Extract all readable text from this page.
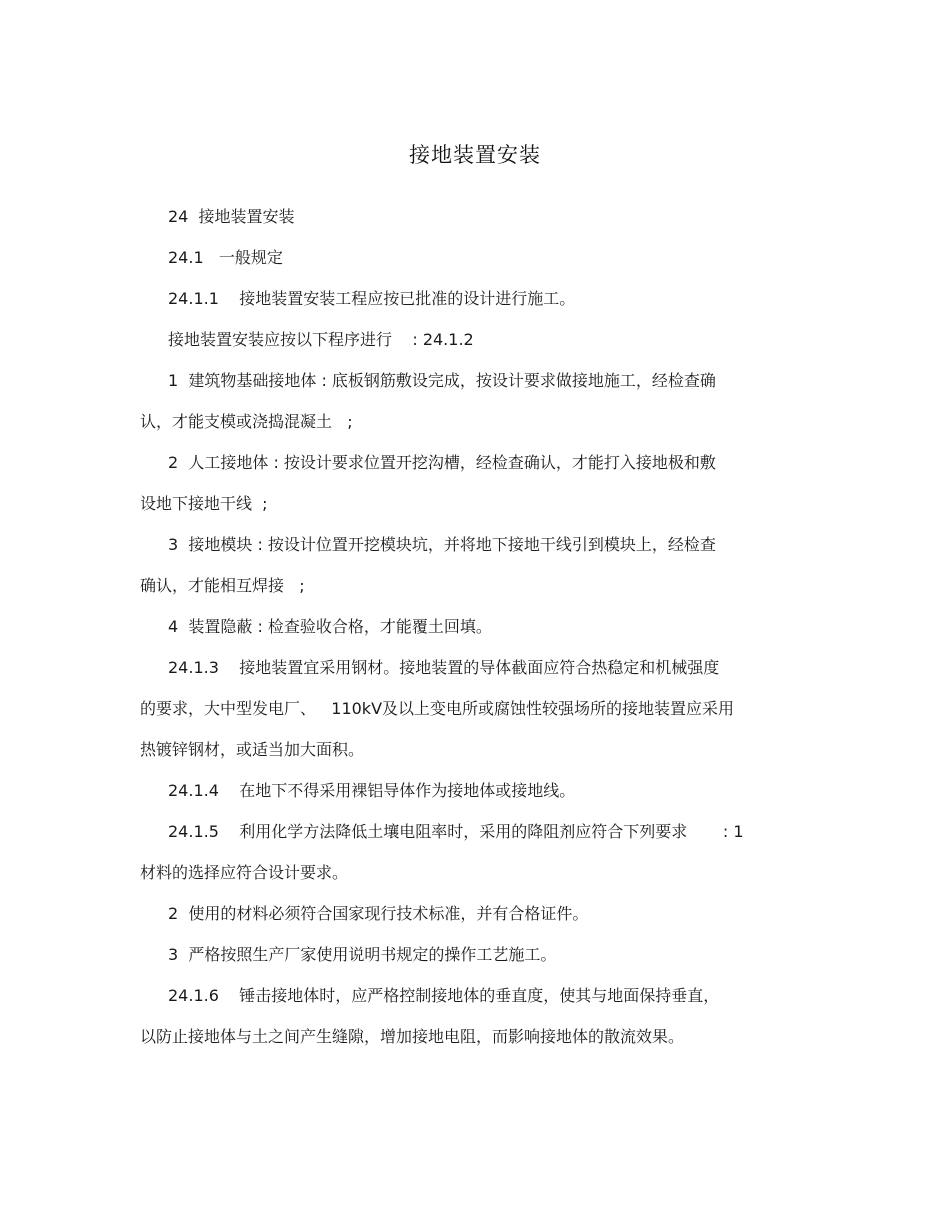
接地装置安装
24  接地装置安装
24.1   一般规定
24.1.1    接地装置安装工程应按已批准的设计进行施工。
接地装置安装应按以下程序进行    : 24.1.2
1  建筑物基础接地体 : 底板钢筋敷设完成，按设计要求做接地施工，经检查确
认，才能支模或浇捣混凝土   ;
2  人工接地体 : 按设计要求位置开挖沟槽，经检查确认，才能打入接地极和敷
设地下接地干线  ;
3  接地模块 : 按设计位置开挖模块坑，并将地下接地干线引到模块上，经检查
确认，才能相互焊接   ;
4  装置隐蔽 : 检查验收合格，才能覆土回填。
24.1.3    接地装置宜采用钢材。接地装置的导体截面应符合热稳定和机械强度
的要求，大中型发电厂、   110kV及以上变电所或腐蚀性较强场所的接地装置应采用
热镀锌钢材，或适当加大面积。
24.1.4    在地下不得采用裸铝导体作为接地体或接地线。
24.1.5    利用化学方法降低土壤电阻率时，采用的降阻剂应符合下列要求       : 1
材料的选择应符合设计要求。
2  使用的材料必须符合国家现行技术标准，并有合格证件。
3  严格按照生产厂家使用说明书规定的操作工艺施工。
24.1.6    锤击接地体时，应严格控制接地体的垂直度，使其与地面保持垂直，
以防止接地体与土之间产生缝隙，增加接地电阻，而影响接地体的散流效果。
